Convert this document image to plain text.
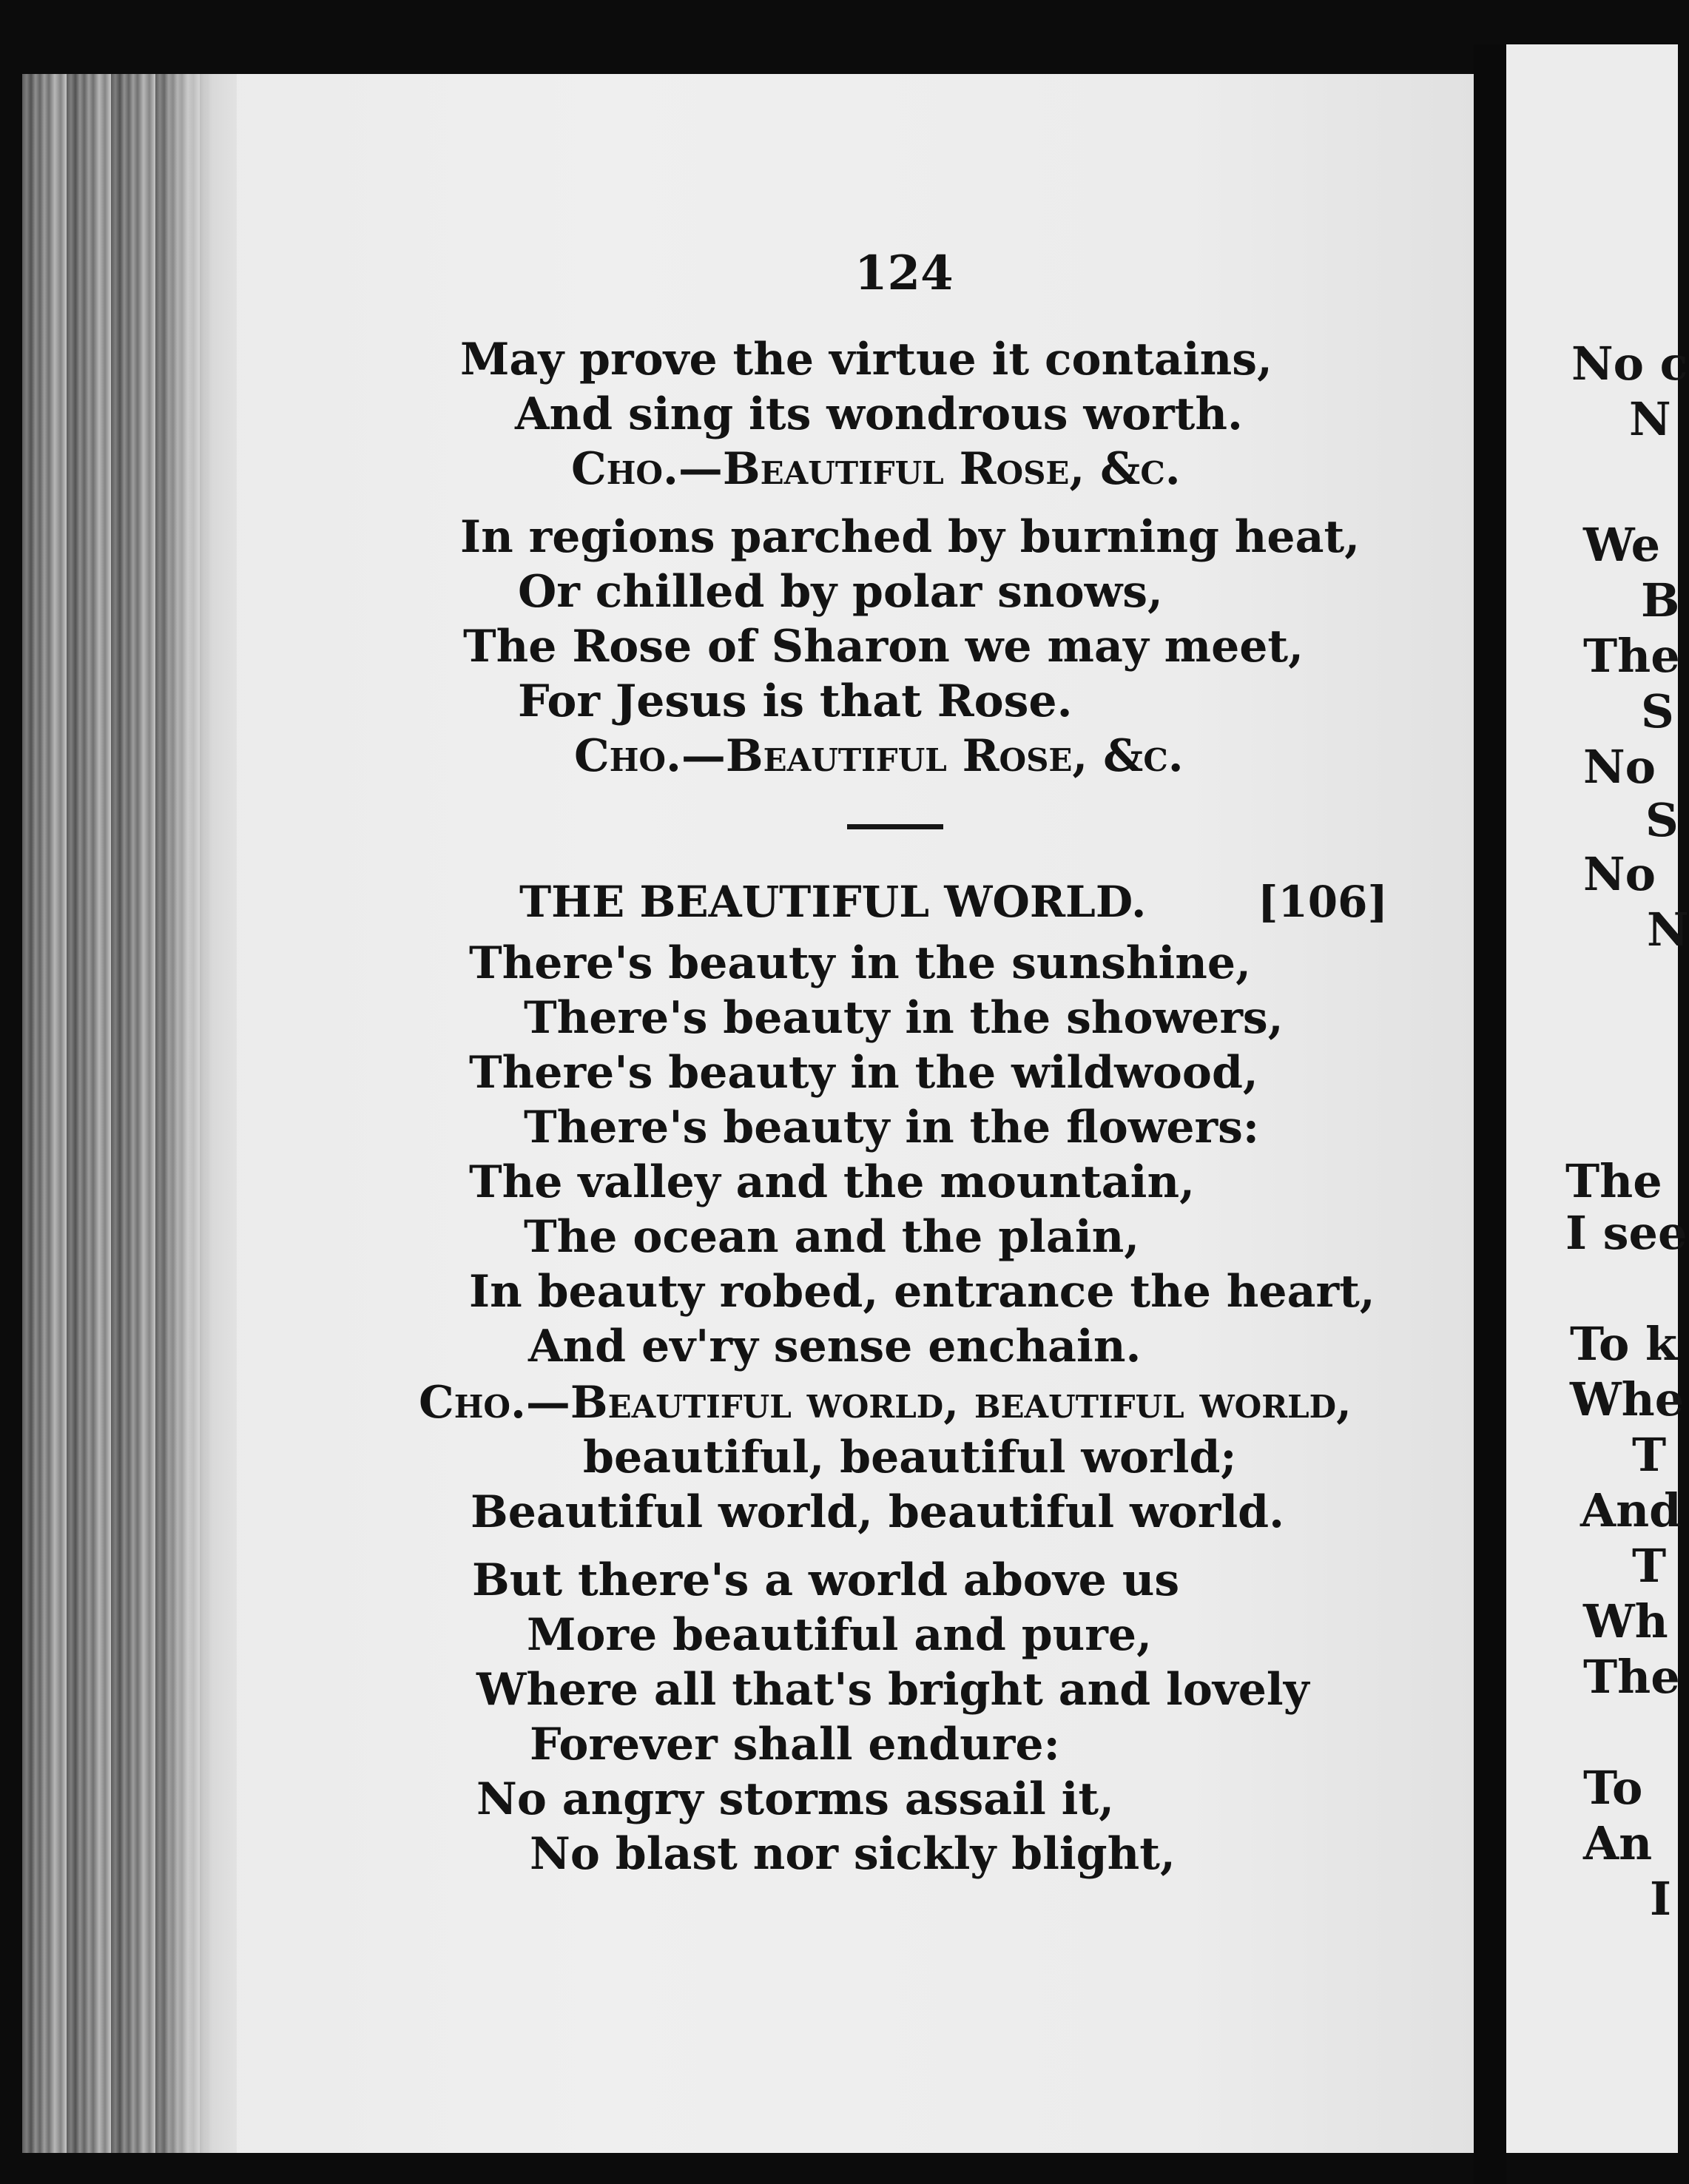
No c
N
We
B
The
S
No
S
No
N
The
I see
To k
Whe
T
And
T
Wh
The
To
An
I
124
May prove the virtue it contains,
And sing its wondrous worth.
Cho.—Beautiful Rose, &c.
In regions parched by burning heat,
Or chilled by polar snows,
The Rose of Sharon we may meet,
For Jesus is that Rose.
Cho.—Beautiful Rose, &c.
THE BEAUTIFUL WORLD.	[106]
There's beauty in the sunshine,
There's beauty in the showers,
There's beauty in the wildwood,
There's beauty in the flowers:
The valley and the mountain,
The ocean and the plain,
In beauty robed, entrance the heart,
And ev'ry sense enchain.
Cho.—Beautiful world, beautiful world,
beautiful, beautiful world;
Beautiful world, beautiful world.
But there's a world above us
More beautiful and pure,
Where all that's bright and lovely
Forever shall endure:
No angry storms assail it,
No blast nor sickly blight,
